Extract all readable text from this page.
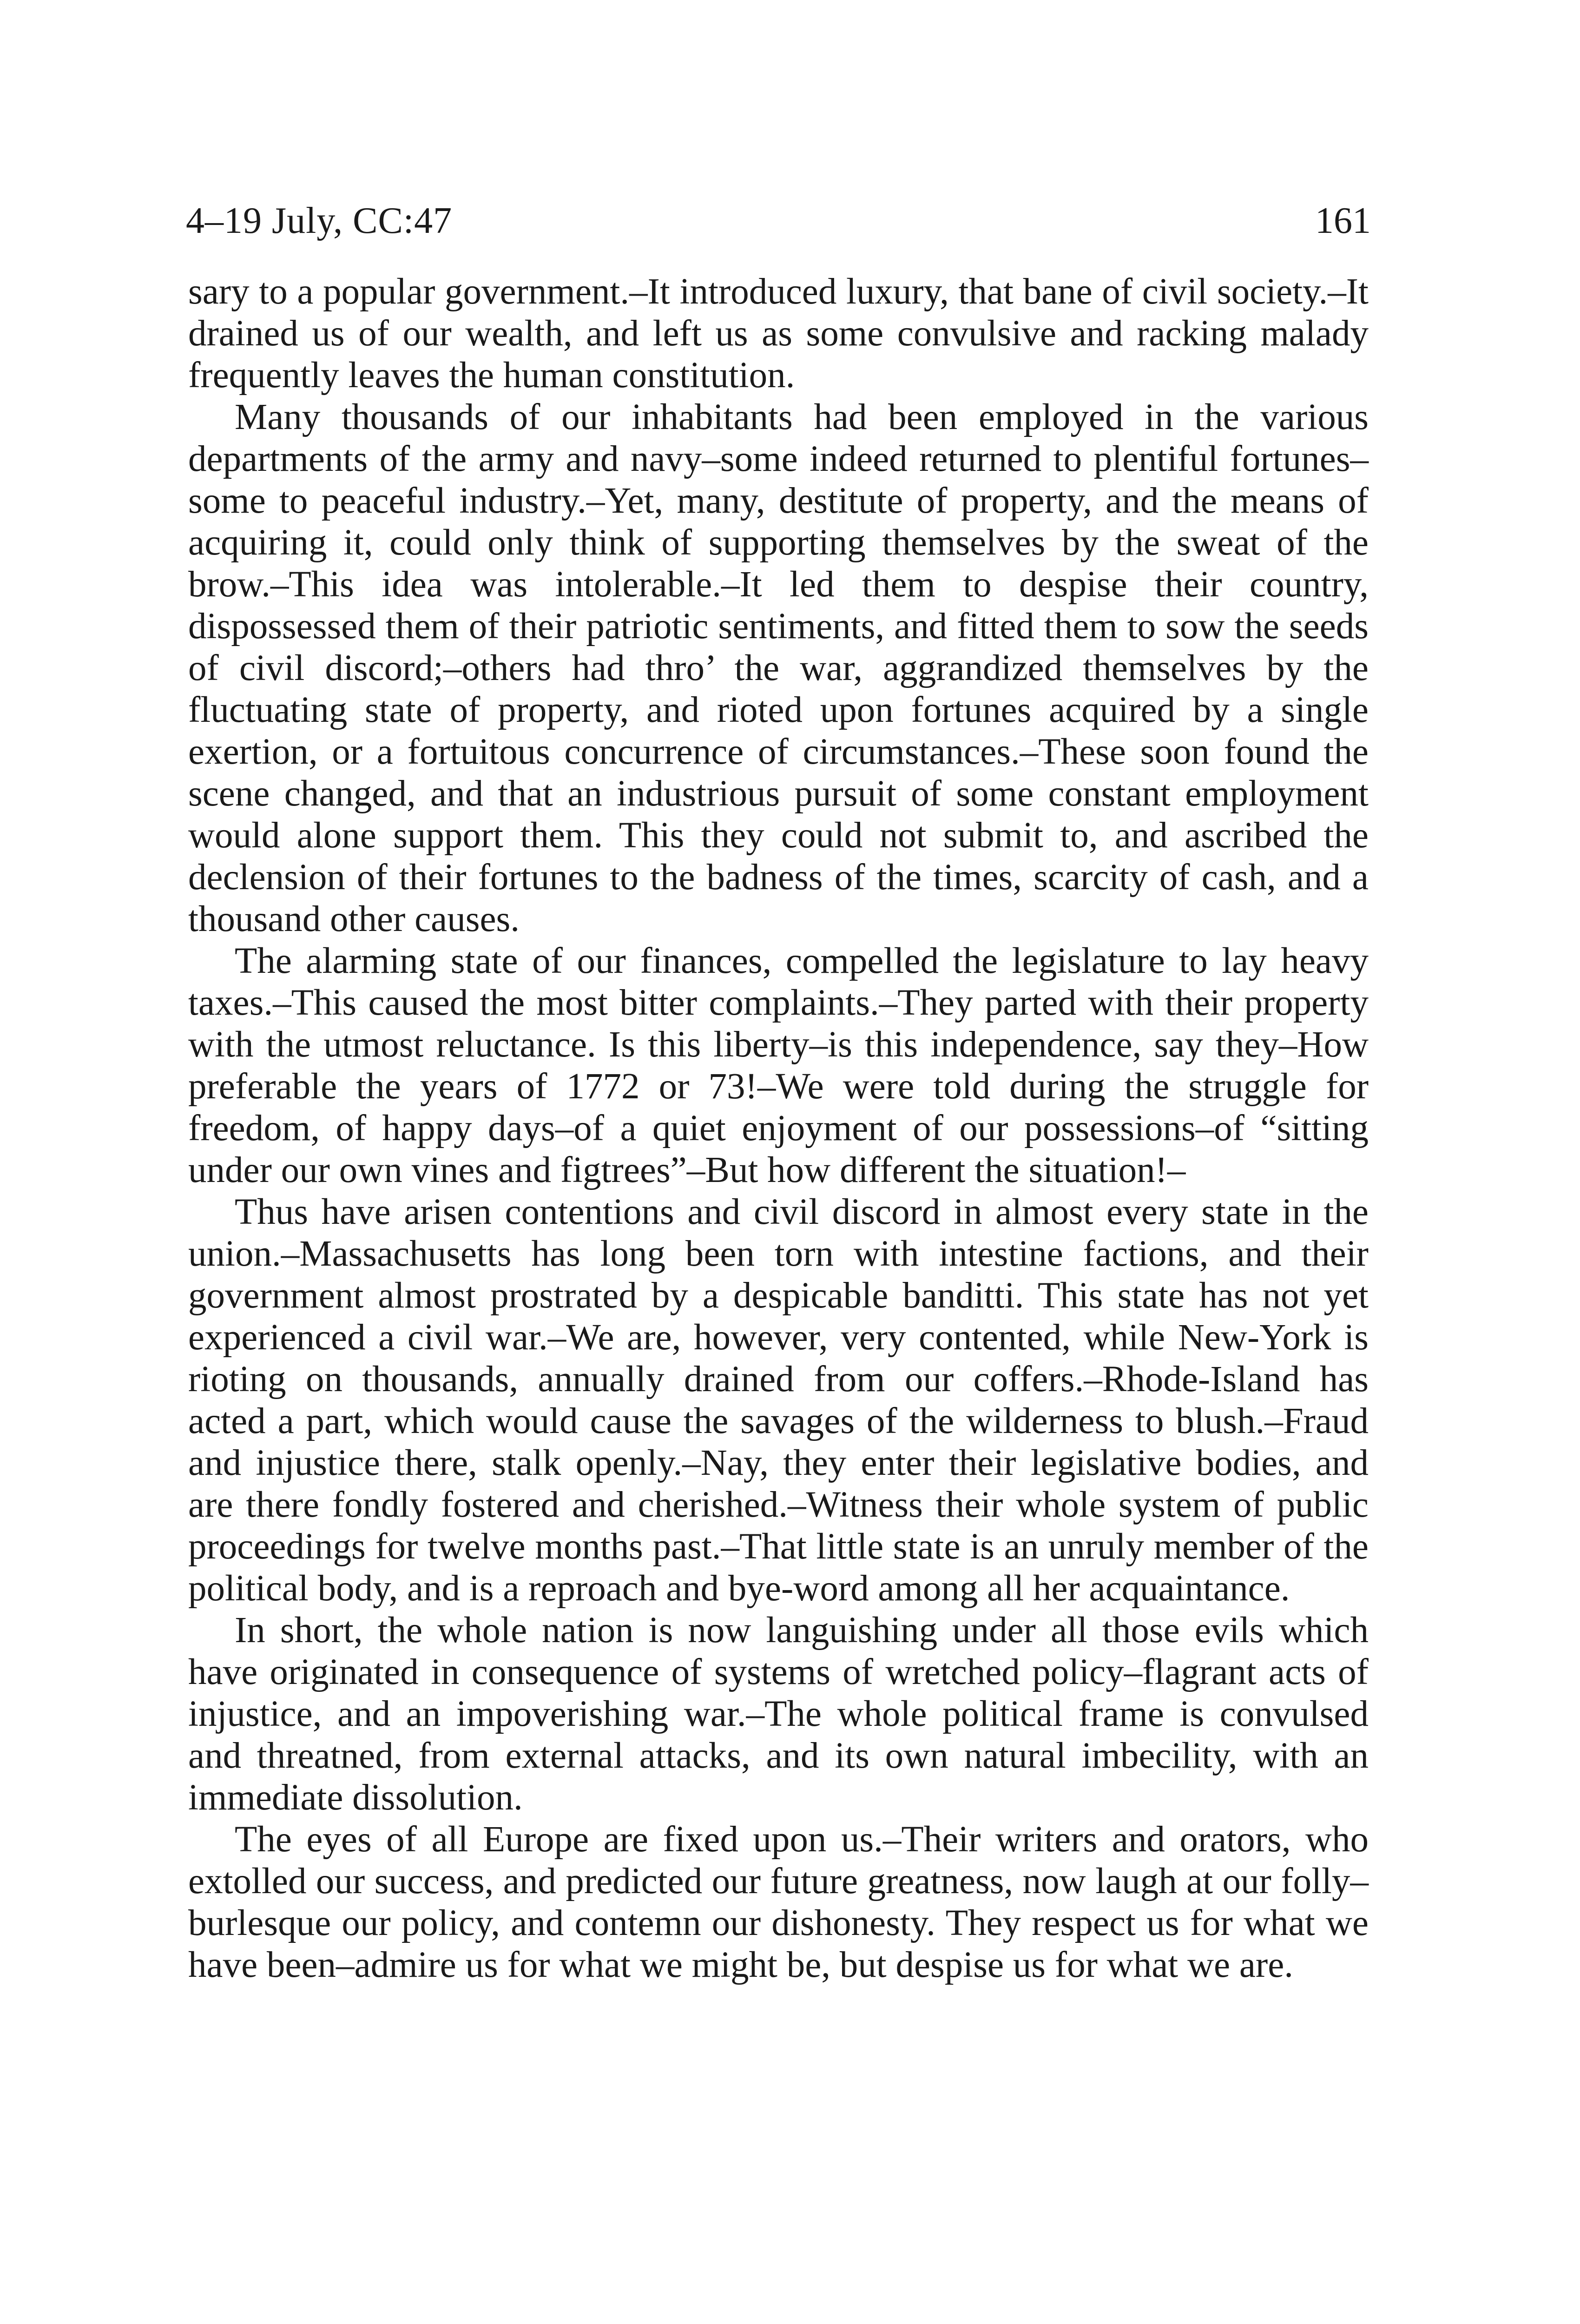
4–19 July, CC:47	161

sary to a popular government.–It introduced luxury, that bane of civil society.–It drained us of our wealth, and left us as some convulsive and racking malady frequently leaves the human constitution.

Many thousands of our inhabitants had been employed in the various departments of the army and navy–some indeed returned to plentiful fortunes–some to peaceful industry.–Yet, many, destitute of property, and the means of acquiring it, could only think of supporting themselves by the sweat of the brow.–This idea was intolerable.–It led them to despise their country, dispossessed them of their patriotic sentiments, and fitted them to sow the seeds of civil discord;–others had thro’ the war, aggrandized themselves by the fluctuating state of property, and rioted upon fortunes acquired by a single exertion, or a fortuitous concurrence of circumstances.–These soon found the scene changed, and that an industrious pursuit of some constant employment would alone support them. This they could not submit to, and ascribed the declension of their fortunes to the badness of the times, scarcity of cash, and a thousand other causes.

The alarming state of our finances, compelled the legislature to lay heavy taxes.–This caused the most bitter complaints.–They parted with their property with the utmost reluctance. Is this liberty–is this independence, say they–How preferable the years of 1772 or 73!–We were told during the struggle for freedom, of happy days–of a quiet enjoyment of our possessions–of “sitting under our own vines and figtrees”–But how different the situation!–

Thus have arisen contentions and civil discord in almost every state in the union.–Massachusetts has long been torn with intestine factions, and their government almost prostrated by a despicable banditti. This state has not yet experienced a civil war.–We are, however, very contented, while New-York is rioting on thousands, annually drained from our coffers.–Rhode-Island has acted a part, which would cause the savages of the wilderness to blush.–Fraud and injustice there, stalk openly.–Nay, they enter their legislative bodies, and are there fondly fostered and cherished.–Witness their whole system of public proceedings for twelve months past.–That little state is an unruly member of the political body, and is a reproach and bye-word among all her acquaintance.

In short, the whole nation is now languishing under all those evils which have originated in consequence of systems of wretched policy–flagrant acts of injustice, and an impoverishing war.–The whole political frame is convulsed and threatned, from external attacks, and its own natural imbecility, with an immediate dissolution.

The eyes of all Europe are fixed upon us.–Their writers and orators, who extolled our success, and predicted our future greatness, now laugh at our folly–burlesque our policy, and contemn our dishonesty. They respect us for what we have been–admire us for what we might be, but despise us for what we are.
